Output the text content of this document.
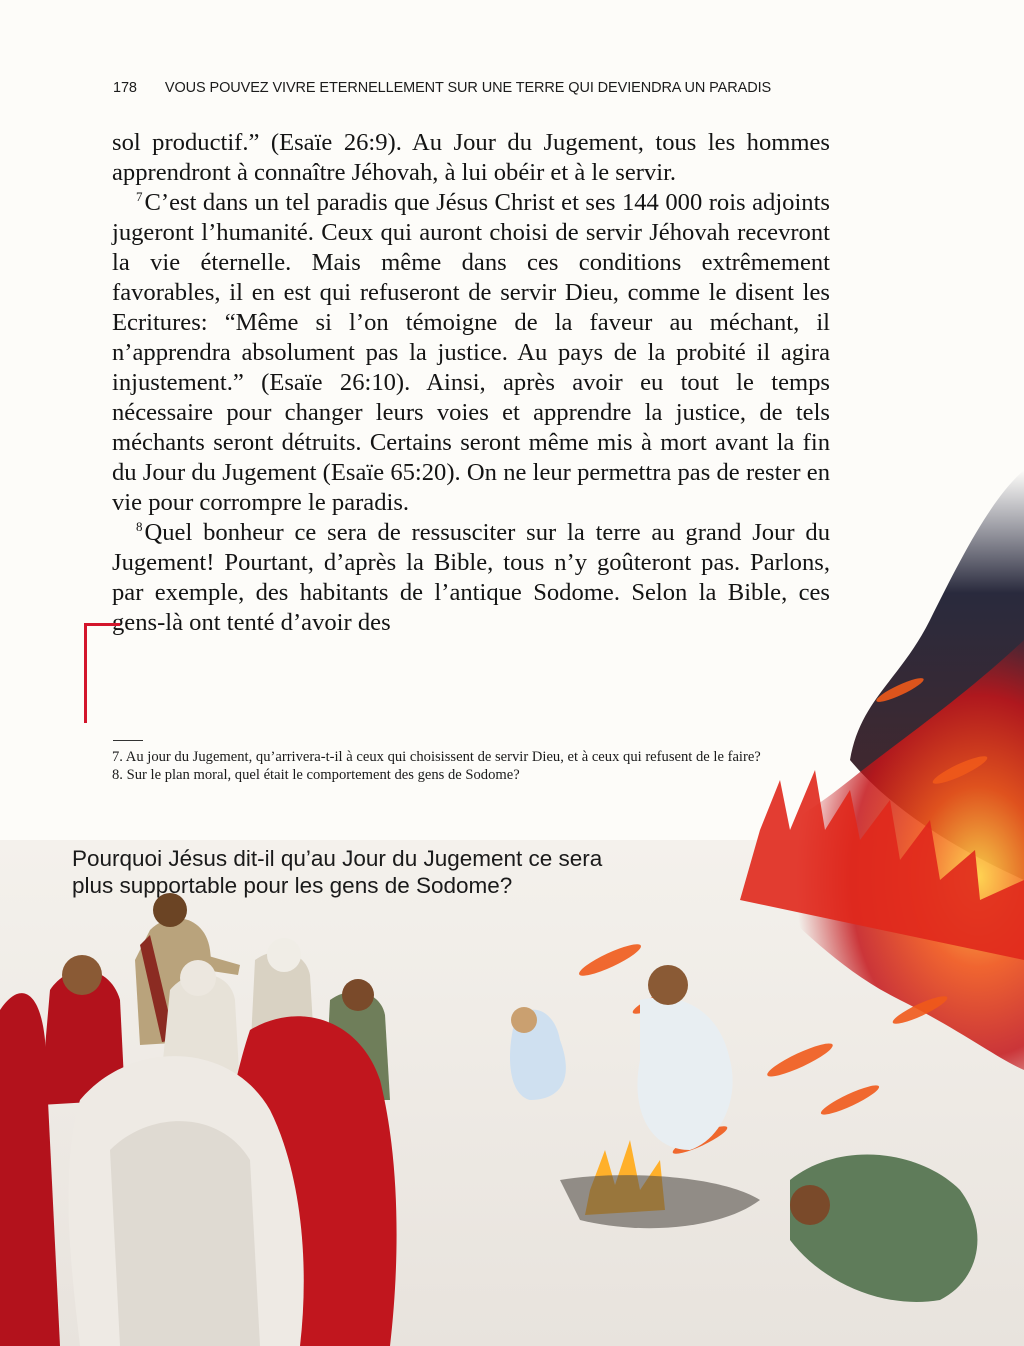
178 VOUS POUVEZ VIVRE ETERNELLEMENT SUR UNE TERRE QUI DEVIENDRA UN PARADIS

sol productif.” (Esaïe 26:9). Au Jour du Jugement, tous les hommes apprendront à connaître Jéhovah, à lui obéir et à le servir.

$^7$C’est dans un tel paradis que Jésus Christ et ses 144 000 rois adjoints jugeront l’humanité. Ceux qui auront choisi de servir Jéhovah recevront la vie éternelle. Mais même dans ces conditions extrêmement favorables, il en est qui refuseront de servir Dieu, comme le disent les Ecritures: “Même si l’on témoigne de la faveur au méchant, il n’apprendra absolument pas la justice. Au pays de la probité il agira injustement.” (Esaïe 26:10). Ainsi, après avoir eu tout le temps nécessaire pour changer leurs voies et apprendre la justice, de tels méchants seront détruits. Certains seront même mis à mort avant la fin du Jour du Jugement (Esaïe 65:20). On ne leur permettra pas de rester en vie pour corrompre le paradis.

$^8$Quel bonheur ce sera de ressusciter sur la terre au grand Jour du Jugement! Pourtant, d’après la Bible, tous n’y goûteront pas. Parlons, par exemple, des habitants de l’antique Sodome. Selon la Bible, ces gens-là ont tenté d’avoir des

7. Au jour du Jugement, qu’arrivera-t-il à ceux qui choisissent de servir Dieu, et à ceux qui refusent de le faire?

8. Sur le plan moral, quel était le comportement des gens de Sodome?

Pourquoi Jésus dit-il qu’au Jour du Jugement ce sera plus supportable pour les gens de Sodome?
